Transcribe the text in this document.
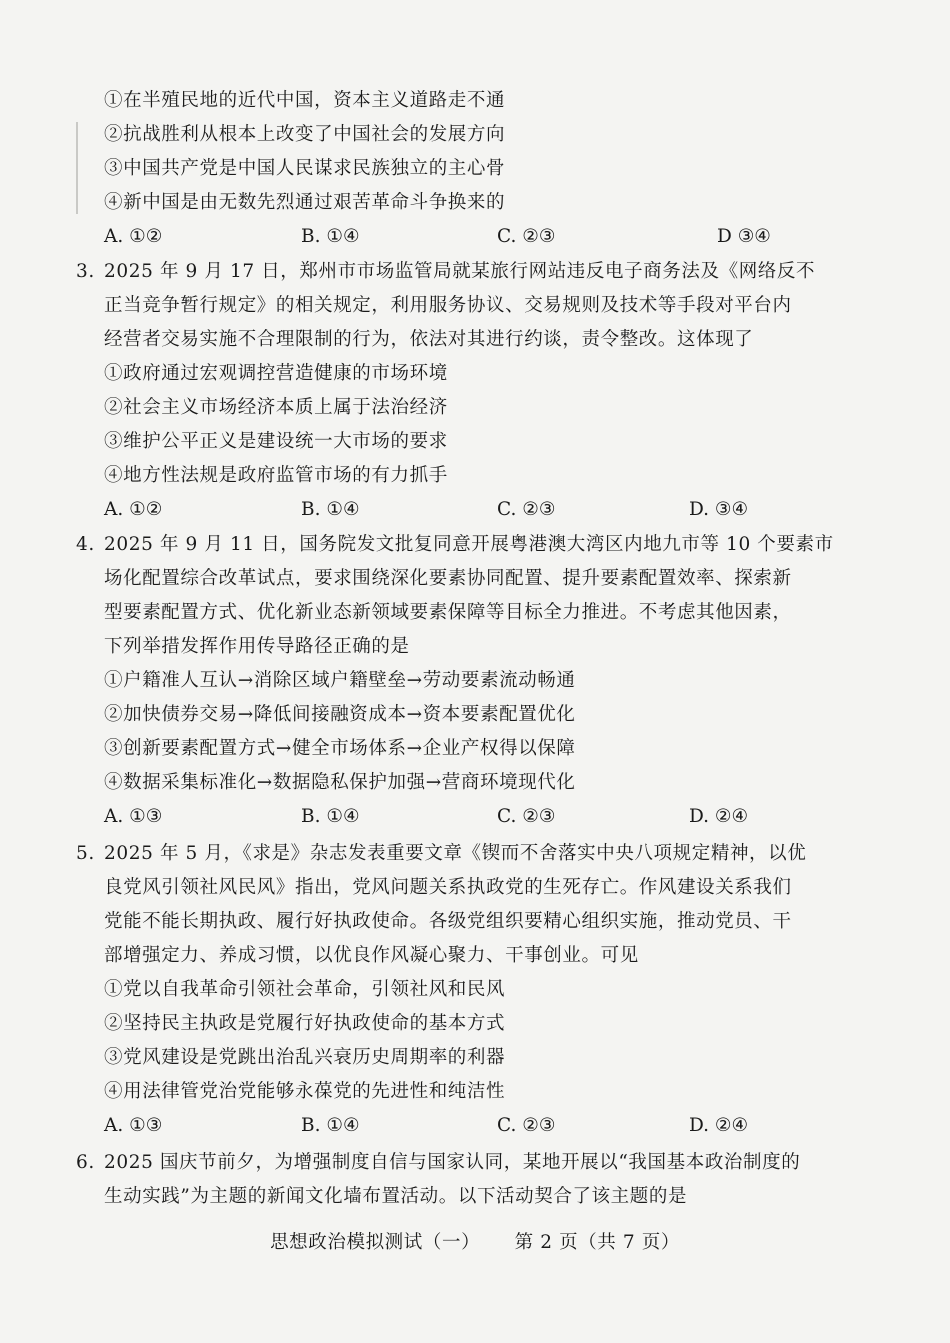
①在半殖民地的近代中国，资本主义道路走不通
②抗战胜利从根本上改变了中国社会的发展方向
③中国共产党是中国人民谋求民族独立的主心骨
④新中国是由无数先烈通过艰苦革命斗争换来的
A. ①②	B. ①④	C. ②③	D ③④
3. 2025 年 9 月 17 日，郑州市市场监管局就某旅行网站违反电子商务法及《网络反不
正当竞争暂行规定》的相关规定，利用服务协议、交易规则及技术等手段对平台内
经营者交易实施不合理限制的行为，依法对其进行约谈，责令整改。这体现了
①政府通过宏观调控营造健康的市场环境
②社会主义市场经济本质上属于法治经济
③维护公平正义是建设统一大市场的要求
④地方性法规是政府监管市场的有力抓手
A. ①②	B. ①④	C. ②③	D. ③④
4. 2025 年 9 月 11 日，国务院发文批复同意开展粤港澳大湾区内地九市等 10 个要素市
场化配置综合改革试点，要求围绕深化要素协同配置、提升要素配置效率、探索新
型要素配置方式、优化新业态新领域要素保障等目标全力推进。不考虑其他因素，
下列举措发挥作用传导路径正确的是
①户籍准人互认→消除区域户籍壁垒→劳动要素流动畅通
②加快债券交易→降低间接融资成本→资本要素配置优化
③创新要素配置方式→健全市场体系→企业产权得以保障
④数据采集标准化→数据隐私保护加强→营商环境现代化
A. ①③	B. ①④	C. ②③	D. ②④
5. 2025 年 5 月，《求是》杂志发表重要文章《锲而不舍落实中央八项规定精神，以优
良党风引领社风民风》指出，党风问题关系执政党的生死存亡。作风建设关系我们
党能不能长期执政、履行好执政使命。各级党组织要精心组织实施，推动党员、干
部增强定力、养成习惯，以优良作风凝心聚力、干事创业。可见
①党以自我革命引领社会革命，引领社风和民风
②坚持民主执政是党履行好执政使命的基本方式
③党风建设是党跳出治乱兴衰历史周期率的利器
④用法律管党治党能够永葆党的先进性和纯洁性
A. ①③	B. ①④	C. ②③	D. ②④
6. 2025 国庆节前夕，为增强制度自信与国家认同，某地开展以“我国基本政治制度的
生动实践”为主题的新闻文化墙布置活动。以下活动契合了该主题的是
思想政治模拟测试（一） 第 2 页（共 7 页）
